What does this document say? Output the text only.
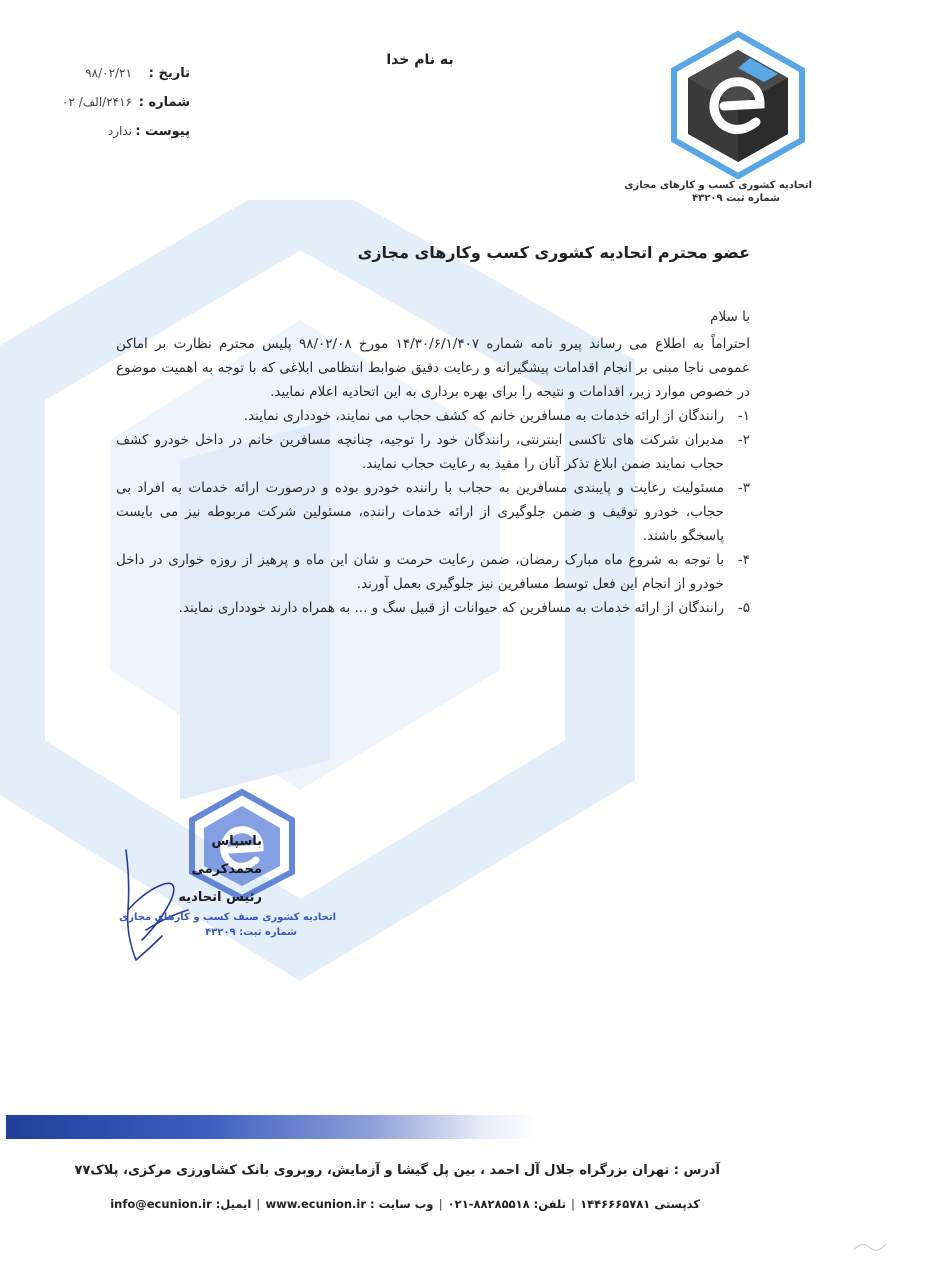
اتحادیه کشوری کسب و کارهای مجازی
شماره ثبت ۴۳۲۰۹
به نام خدا
تاریخ :
۹۸/۰۲/۲۱
شماره :
۲۴۱۶/الف/ ۰۲
پیوست :
ندارد
عضو محترم اتحادیه کشوری کسب وکارهای مجازی
با سلام

احتراماً به اطلاع می رساند پیرو نامه شماره ۱۴/۳۰/۶/۱/۴۰۷ مورخ ۹۸/۰۲/۰۸ پلیس محترم نظارت بر اماکن عمومی ناجا مبنی بر انجام اقدامات پیشگیرانه و رعایت دقیق ضوابط انتظامی ابلاغی که با توجه به اهمیت موضوع در خصوص موارد زیر، اقدامات و نتیجه را برای بهره برداری به این اتحادیه اعلام نمایید.

۱-
رانندگان از ارائه خدمات به مسافرین خانم که کشف حجاب می نمایند، خودداری نمایند.
۲-
مدیران شرکت های تاکسی اینترنتی، رانندگان خود را توجیه، چنانچه مسافرین خانم در داخل خودرو کشف حجاب نمایند ضمن ابلاغ تذکر آنان را مقید به رعایت حجاب نمایند.
۳-
مسئولیت رعایت و پایبندی مسافرین به حجاب با راننده خودرو بوده و درصورت ارائه خدمات به افراد بی حجاب، خودرو توقیف و ضمن جلوگیری از ارائه خدمات راننده، مسئولین شرکت مربوطه نیز می بایست پاسخگو باشند.
۴-
با توجه به شروع ماه مبارک رمضان، ضمن رعایت حرمت و شان این ماه و پرهیز از روزه خواری در داخل خودرو از انجام این فعل توسط مسافرین نیز جلوگیری بعمل آورند.
۵-
رانندگان از ارائه خدمات به مسافرین که حیوانات از قبیل سگ و ... به همراه دارند خودداری نمایند.
باسپاس
محمدکرمی
رئیس اتحادیه
اتحادیه کشوری صنف کسب و کارهای مجازی
شماره ثبت: ۴۳۲۰۹
آدرس : تهران بزرگراه جلال آل احمد ، بین پل گیشا و آزمایش، روبروی بانک کشاورزی مرکزی، پلاک۷۷
کدپستی ۱۴۴۶۶۶۵۷۸۱|تلفن: ۸۸۲۸۵۵۱۸-۰۲۱|وب سایت : www.ecunion.ir|ایمیل: info@ecunion.ir
